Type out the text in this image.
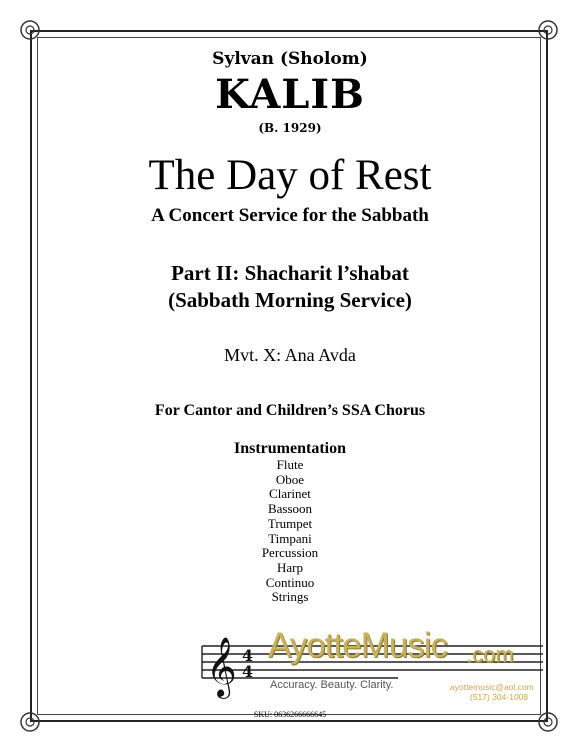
Sylvan (Sholom)
KALIB
(B. 1929)
The Day of Rest
A Concert Service for the Sabbath
Part II: Shacharit l’shabat
(Sabbath Morning Service)
Mvt. X: Ana Avda
For Cantor and Children’s SSA Chorus
Instrumentation
Flute
Oboe
Clarinet
Bassoon
Trumpet
Timpani
Percussion
Harp
Continuo
Strings
𝄞 4
4
AyotteMusic .com
Accuracy. Beauty. Clarity.	ayottemusic@aol.com
(517) 304-1008
SKU: 0636266666645
